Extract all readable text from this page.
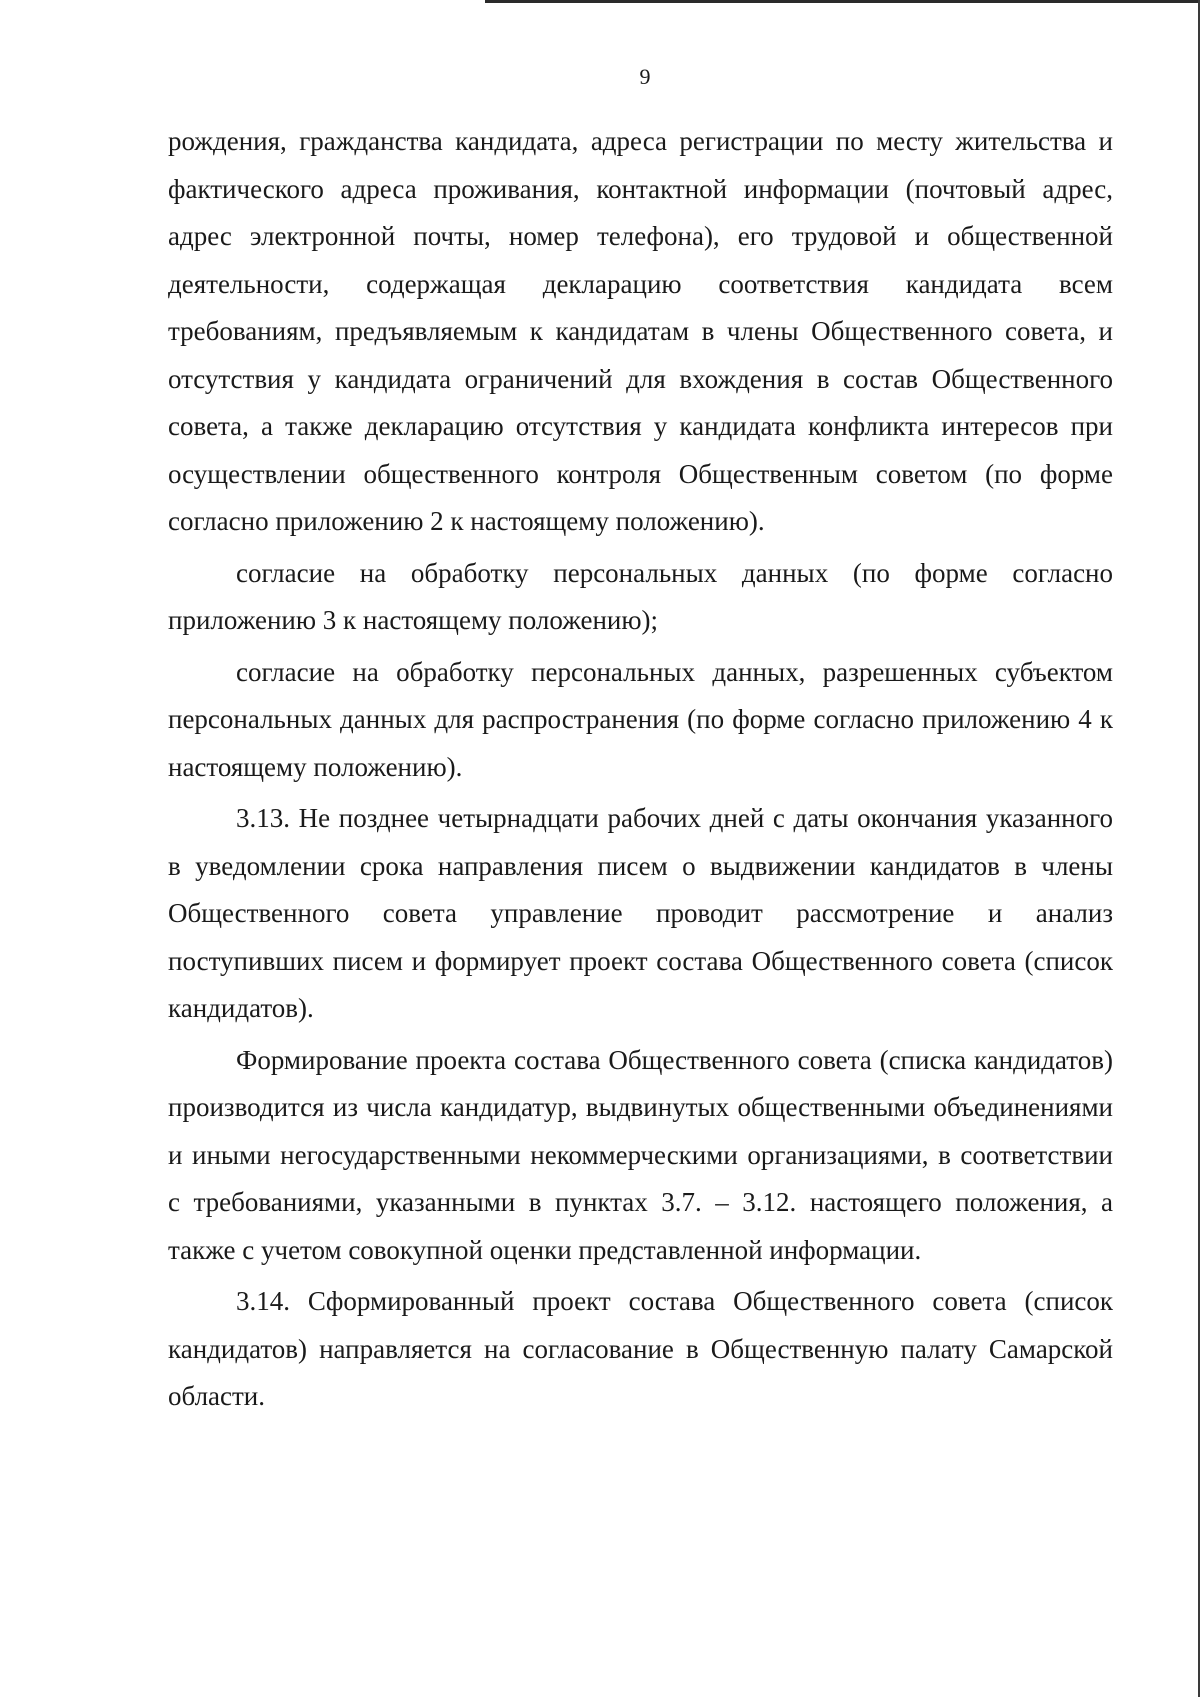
9

рождения, гражданства кандидата, адреса регистрации по месту жительства и фактического адреса проживания, контактной информации (почтовый адрес, адрес электронной почты, номер телефона), его трудовой и общественной деятельности, содержащая декларацию соответствия кандидата всем требованиям, предъявляемым к кандидатам в члены Общественного совета, и отсутствия у кандидата ограничений для вхождения в состав Общественного совета, а также декларацию отсутствия у кандидата конфликта интересов при осуществлении общественного контроля Общественным советом (по форме согласно приложению 2 к настоящему положению).

согласие на обработку персональных данных (по форме согласно приложению 3 к настоящему положению);

согласие на обработку персональных данных, разрешенных субъектом персональных данных для распространения (по форме согласно приложению 4 к настоящему положению).

3.13. Не позднее четырнадцати рабочих дней с даты окончания указанного в уведомлении срока направления писем о выдвижении кандидатов в члены Общественного совета управление проводит рассмотрение и анализ поступивших писем и формирует проект состава Общественного совета (список кандидатов).

Формирование проекта состава Общественного совета (списка кандидатов) производится из числа кандидатур, выдвинутых общественными объединениями и иными негосударственными некоммерческими организациями, в соответствии с требованиями, указанными в пунктах 3.7. – 3.12. настоящего положения, а также с учетом совокупной оценки представленной информации.

3.14. Сформированный проект состава Общественного совета (список кандидатов) направляется на согласование в Общественную палату Самарской области.
